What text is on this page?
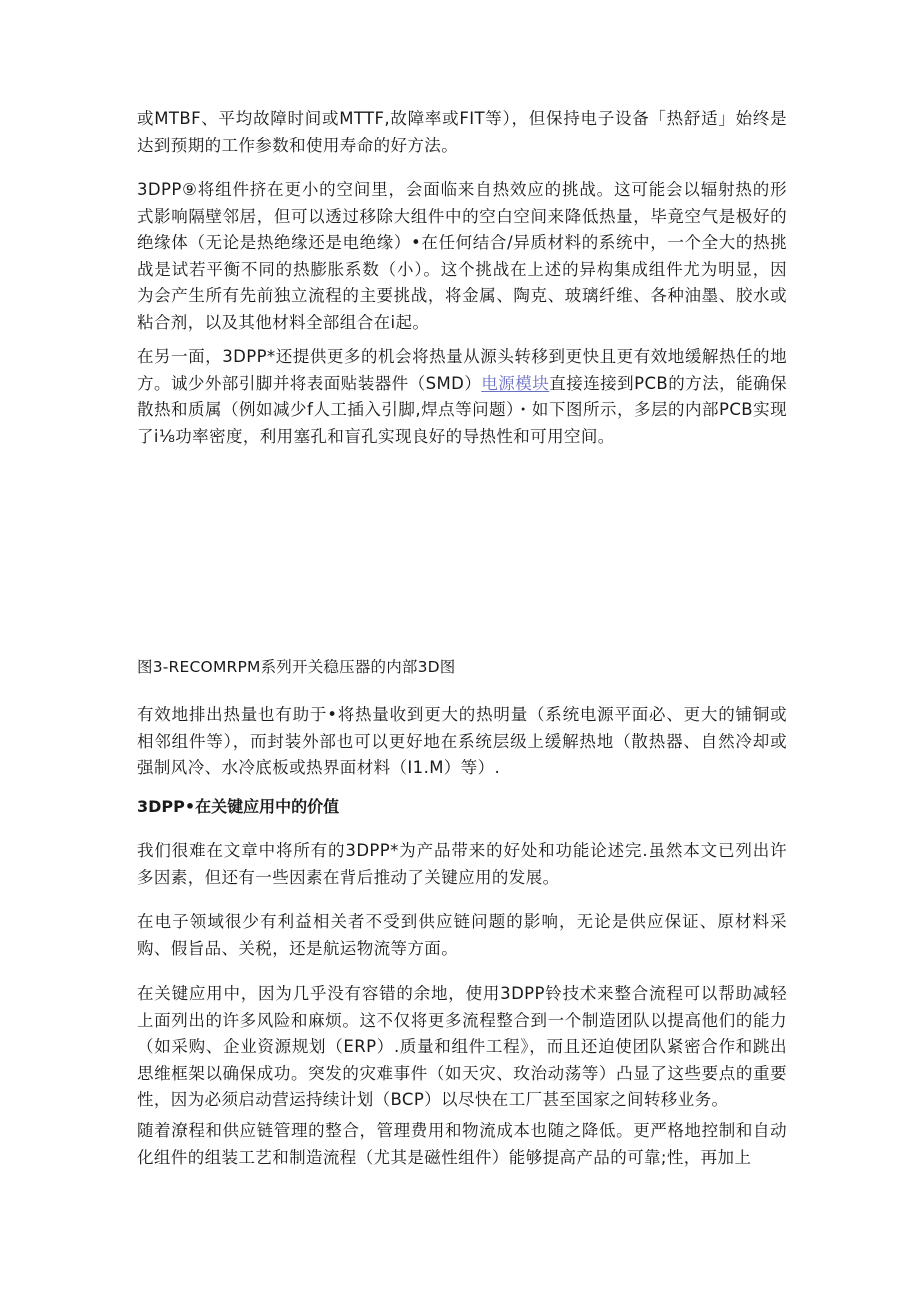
或MTBF、平均故障时间或MTTF,故障率或FIT等），但保持电子设备「热舒适」始终是达到预期的工作参数和使用寿命的好方法。

3DPP⑨将组件挤在更小的空间里，会面临来自热效应的挑战。这可能会以辐射热的形式影响隔壁邻居，但可以透过移除大组件中的空白空间来降低热量，毕竟空气是极好的绝缘体（无论是热绝缘还是电绝缘）•在任何结合/异质材料的系统中，一个全大的热挑战是试若平衡不同的热膨胀系数（小）。这个挑战在上述的异构集成组件尤为明显，因为会产生所有先前独立流程的主要挑战，将金属、陶克、玻璃纤维、各种油墨、胶水或粘合剂，以及其他材料全部组合在i起。

在另一面，3DPP*还提供更多的机会将热量从源头转移到更快且更有效地缓解热任的地方。诚少外部引脚并将表面贴装器件（SMD）电源模块直接连接到PCB的方法，能确保散热和质属（例如减少f人工插入引脚,焊点等问题）・如下图所示，多层的内部PCB实现了i⅛功率密度，利用塞孔和盲孔实现良好的导热性和可用空间。

图3-RECOMRPM系列开关稳压器的内部3D图

有效地排出热量也有助于•将热量收到更大的热明量（系统电源平面必、更大的铺铜或相邻组件等），而封装外部也可以更好地在系统层级上缓解热地（散热器、自然冷却或强制风冷、水冷底板或热界面材料（I1.M）等）.

3DPP•在关键应用中的价值

我们很难在文章中将所有的3DPP*为产品带来的好处和功能论述完.虽然本文已列出许多因素，但还有一些因素在背后推动了关键应用的发展。

在电子领域很少有利益相关者不受到供应链问题的影响，无论是供应保证、原材料采购、假旨品、关税，还是航运物流等方面。

在关键应用中，因为几乎没有容错的余地，使用3DPP铃技术来整合流程可以帮助减轻上面列出的许多风险和麻烦。这不仅将更多流程整合到一个制造团队以提高他们的能力（如采购、企业资源规划（ERP）.质量和组件工程》，而且还迫使团队紧密合作和跳出思维框架以确保成功。突发的灾难事件（如天灾、玫治动荡等）凸显了这些要点的重要性，因为必须启动营运持续计划（BCP）以尽快在工厂甚至国家之间转移业务。

随着潦程和供应链管理的整合，管理费用和物流成本也随之降低。更严格地控制和自动化组件的组装工艺和制造流程（尤其是磁性组件）能够提高产品的可靠;性，再加上
